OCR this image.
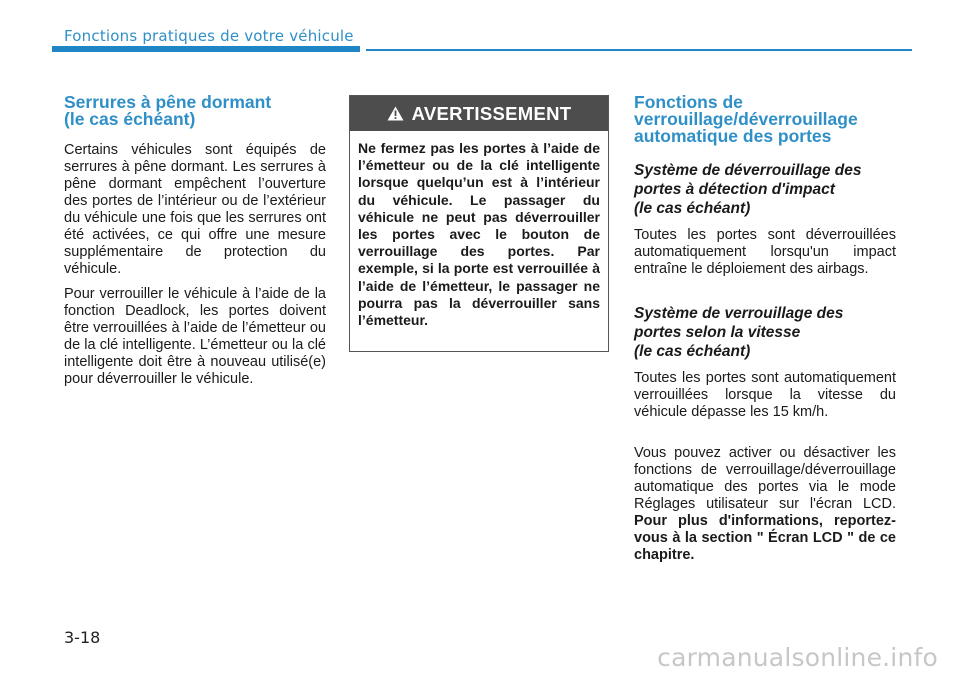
Fonctions pratiques de votre véhicule
Serrures à pêne dormant
(le cas échéant)

Certains véhicules sont équipés de serrures à pêne dormant. Les serrures à pêne dormant empêchent l’ouverture des portes de l’intérieur ou de l’extérieur du véhicule une fois que les serrures ont été activées, ce qui offre une mesure supplémentaire de protection du véhicule.

Pour verrouiller le véhicule à l’aide de la fonction Deadlock, les portes doivent être verrouillées à l’aide de l’émetteur ou de la clé intelligente. L’émetteur ou la clé intelligente doit être à nouveau utilisé(e) pour déverrouiller le véhicule.

AVERTISSEMENT
Ne fermez pas les portes à l’aide de l’émetteur ou de la clé intelligente lorsque quelqu’un est à l’intérieur du véhicule. Le passager du véhicule ne peut pas déverrouiller les portes avec le bouton de verrouillage des portes. Par exemple, si la porte est verrouillée à l’aide de l’émetteur, le passager ne pourra pas la déverrouiller sans l’émetteur.
Fonctions de
verrouillage/déverrouillage
automatique des portes
Système de déverrouillage des
portes à détection d'impact
(le cas échéant)

Toutes les portes sont déverrouillées automatiquement lorsqu'un impact entraîne le déploiement des airbags.

Système de verrouillage des
portes selon la vitesse
(le cas échéant)

Toutes les portes sont automatiquement verrouillées lorsque la vitesse du véhicule dépasse les 15 km/h.

Vous pouvez activer ou désactiver les fonctions de verrouillage/déverrouillage automatique des portes via le mode Réglages utilisateur sur l'écran LCD. Pour plus d'informations, reportez-vous à la section " Écran LCD " de ce chapitre.

3-18
carmanualsonline.info
